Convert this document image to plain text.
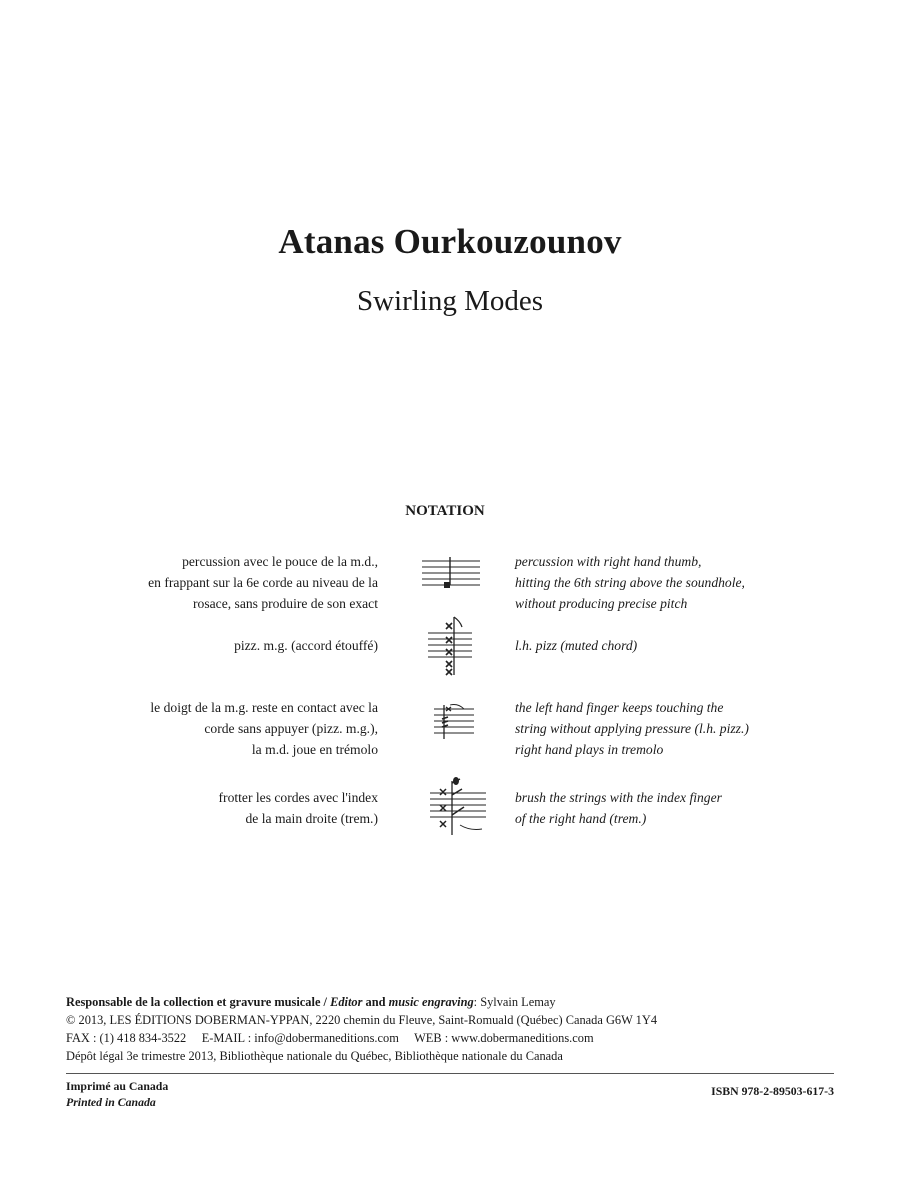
Atanas Ourkouzounov
Swirling Modes
NOTATION
percussion avec le pouce de la m.d.,
en frappant sur la 6e corde au niveau de la
rosace, sans produire de son exact
percussion with right hand thumb,
hitting the 6th string above the soundhole,
without producing precise pitch
pizz. m.g. (accord étouffé)	l.h. pizz (muted chord)
le doigt de la m.g. reste en contact avec la
corde sans appuyer (pizz. m.g.),
la m.d. joue en trémolo
the left hand finger keeps touching the
string without applying pressure (l.h. pizz.)
right hand plays in tremolo
frotter les cordes avec l'index
de la main droite (trem.)
brush the strings with the index finger
of the right hand (trem.)
Responsable de la collection et gravure musicale / Editor and music engraving: Sylvain Lemay
© 2013, LES ÉDITIONS DOBERMAN-YPPAN, 2220 chemin du Fleuve, Saint-Romuald (Québec) Canada G6W 1Y4
FAX : (1) 418 834-3522     E-MAIL : info@dobermaneditions.com     WEB : www.dobermaneditions.com
Dépôt légal 3e trimestre 2013, Bibliothèque nationale du Québec, Bibliothèque nationale du Canada
Imprimé au Canada
Printed in Canada
ISBN 978-2-89503-617-3
